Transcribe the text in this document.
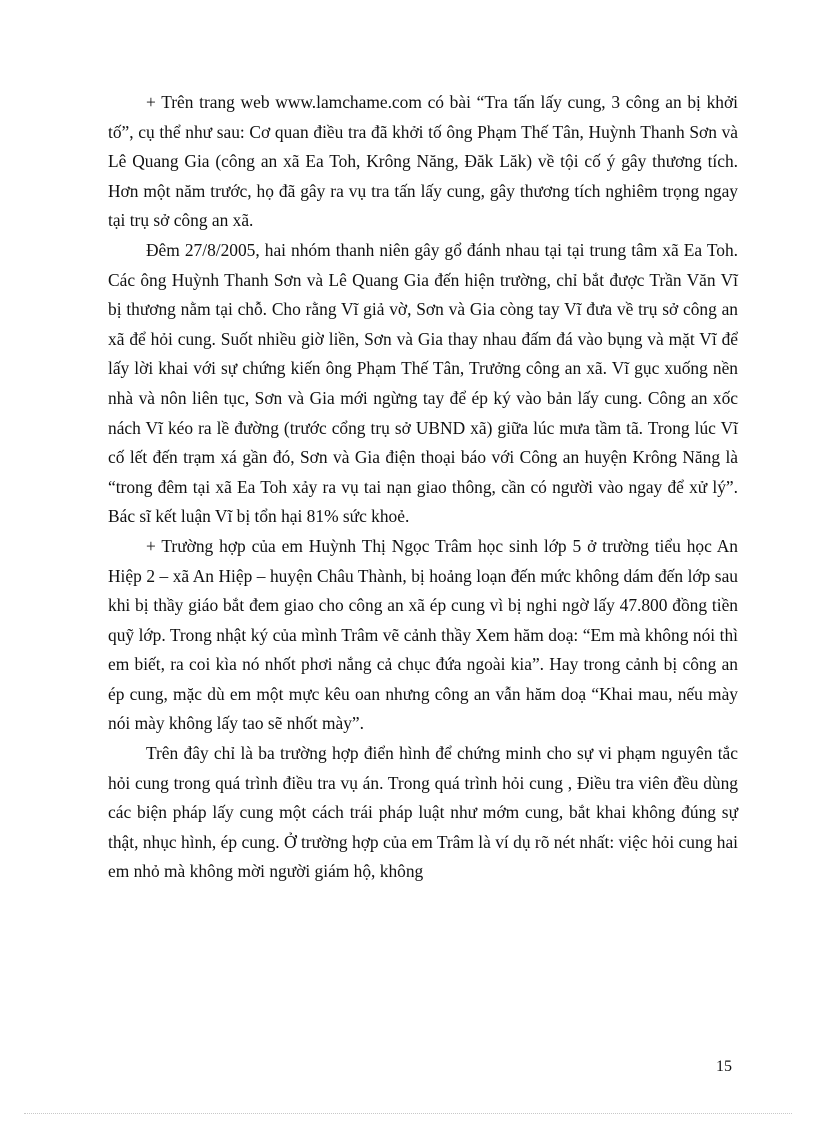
+ Trên trang web www.lamchame.com có bài “Tra tấn lấy cung, 3 công an bị khởi tố”, cụ thể như sau: Cơ quan điều tra đã khởi tố ông Phạm Thế Tân, Huỳnh Thanh Sơn và Lê Quang Gia (công an xã Ea Toh, Krông Năng, Đăk Lăk) về tội cố ý gây thương tích. Hơn một năm trước, họ đã gây ra vụ tra tấn lấy cung, gây thương tích nghiêm trọng ngay tại trụ sở công an xã.

Đêm 27/8/2005, hai nhóm thanh niên gây gổ đánh nhau tại tại trung tâm xã Ea Toh. Các ông Huỳnh Thanh Sơn và Lê Quang Gia đến hiện trường, chỉ bắt được Trần Văn Vĩ bị thương nằm tại chỗ. Cho rằng Vĩ giả vờ, Sơn và Gia còng tay Vĩ đưa về trụ sở công an xã để hỏi cung. Suốt nhiều giờ liền, Sơn và Gia thay nhau đấm đá vào bụng và mặt Vĩ để lấy lời khai với sự chứng kiến ông Phạm Thế Tân, Trưởng công an xã. Vĩ gục xuống nền nhà và nôn liên tục, Sơn và Gia mới ngừng tay để ép ký vào bản lấy cung. Công an xốc nách Vĩ kéo ra lề đường (trước cổng trụ sở UBND xã) giữa lúc mưa tầm tã. Trong lúc Vĩ cố lết đến trạm xá gần đó, Sơn và Gia điện thoại báo với Công an huyện Krông Năng là “trong đêm tại xã Ea Toh xảy ra vụ tai nạn giao thông, cần có người vào ngay để xử lý”. Bác sĩ kết luận Vĩ bị tổn hại 81% sức khoẻ.

+ Trường hợp của em Huỳnh Thị Ngọc Trâm học sinh lớp 5 ở trường tiểu học An Hiệp 2 – xã An Hiệp – huyện Châu Thành, bị hoảng loạn đến mức không dám đến lớp sau khi bị thầy giáo bắt đem giao cho công an xã ép cung vì bị nghi ngờ lấy 47.800 đồng tiền quỹ lớp. Trong nhật ký của mình Trâm vẽ cảnh thầy Xem hăm doạ: “Em mà không nói thì em biết, ra coi kìa nó nhốt phơi nắng cả chục đứa ngoài kia”. Hay trong cảnh bị công an ép cung, mặc dù em một mực kêu oan nhưng công an vẫn hăm doạ “Khai mau, nếu mày nói mày không lấy tao sẽ nhốt mày”.

Trên đây chỉ là ba trường hợp điển hình để chứng minh cho sự vi phạm nguyên tắc hỏi cung trong quá trình điều tra vụ án. Trong quá trình hỏi cung , Điều tra viên đều dùng các biện pháp lấy cung một cách trái pháp luật như mớm cung, bắt khai không đúng sự thật, nhục hình, ép cung. Ở trường hợp của em Trâm là ví dụ rõ nét nhất: việc hỏi cung hai em nhỏ mà không mời người giám hộ, không

15
